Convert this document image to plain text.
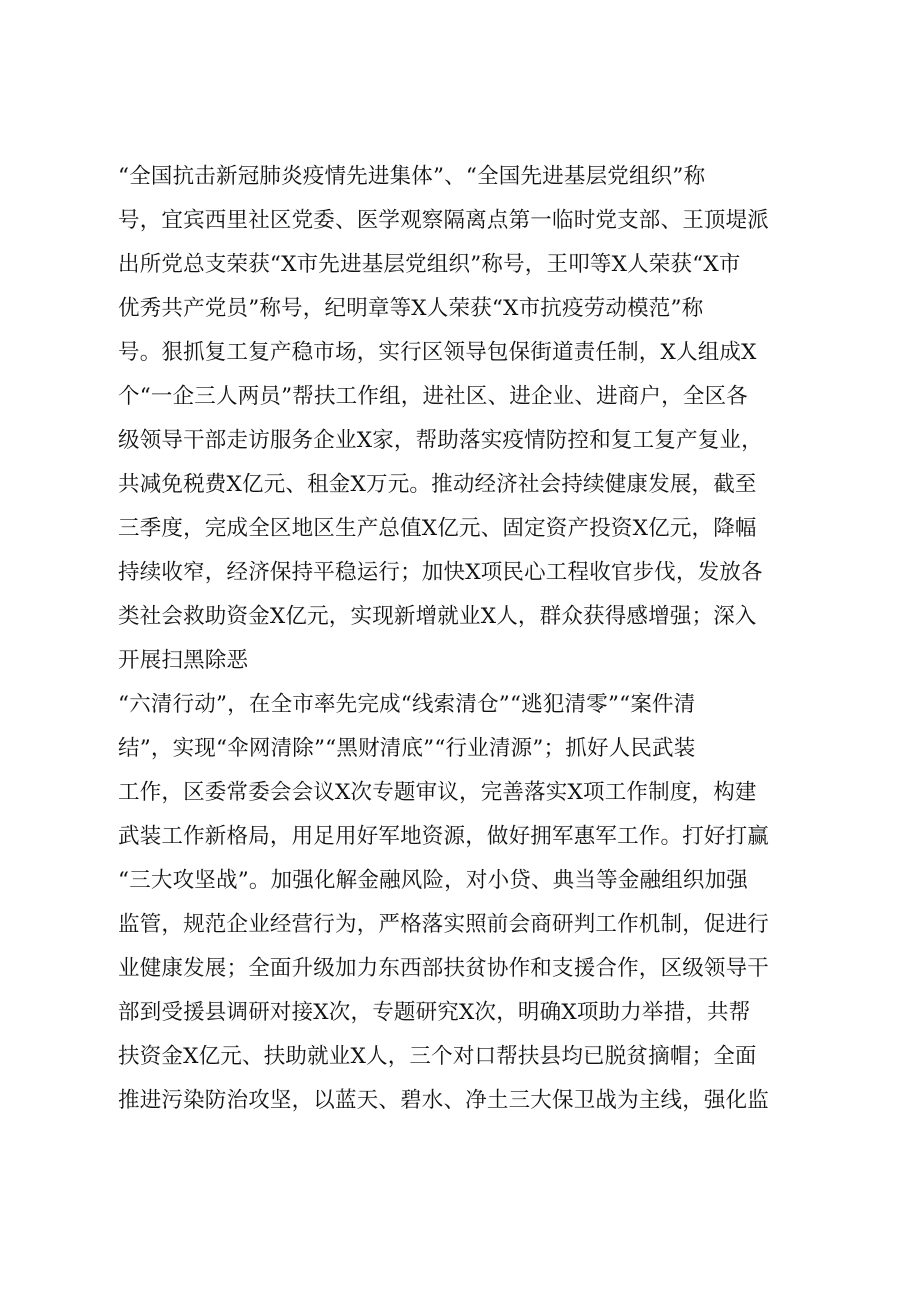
“全国抗击新冠肺炎疫情先进集体”、“全国先进基层党组织”称
号，宜宾西里社区党委、医学观察隔离点第一临时党支部、王顶堤派
出所党总支荣获“X市先进基层党组织”称号，王叩等X人荣获“X市
优秀共产党员”称号，纪明章等X人荣获“X市抗疫劳动模范”称
号。狠抓复工复产稳市场，实行区领导包保街道责任制，X人组成X
个“一企三人两员”帮扶工作组，进社区、进企业、进商户，全区各
级领导干部走访服务企业X家，帮助落实疫情防控和复工复产复业，
共减免税费X亿元、租金X万元。推动经济社会持续健康发展，截至
三季度，完成全区地区生产总值X亿元、固定资产投资X亿元，降幅
持续收窄，经济保持平稳运行；加快X项民心工程收官步伐，发放各
类社会救助资金X亿元，实现新增就业X人，群众获得感增强；深入
开展扫黑除恶
“六清行动”，在全市率先完成“线索清仓”“逃犯清零”“案件清
结”，实现“伞网清除”“黑财清底”“行业清源”；抓好人民武装
工作，区委常委会会议X次专题审议，完善落实X项工作制度，构建
武装工作新格局，用足用好军地资源，做好拥军惠军工作。打好打赢
“三大攻坚战”。加强化解金融风险，对小贷、典当等金融组织加强
监管，规范企业经营行为，严格落实照前会商研判工作机制，促进行
业健康发展；全面升级加力东西部扶贫协作和支援合作，区级领导干
部到受援县调研对接X次，专题研究X次，明确X项助力举措，共帮
扶资金X亿元、扶助就业X人，三个对口帮扶县均已脱贫摘帽；全面
推进污染防治攻坚，以蓝天、碧水、净土三大保卫战为主线，强化监
